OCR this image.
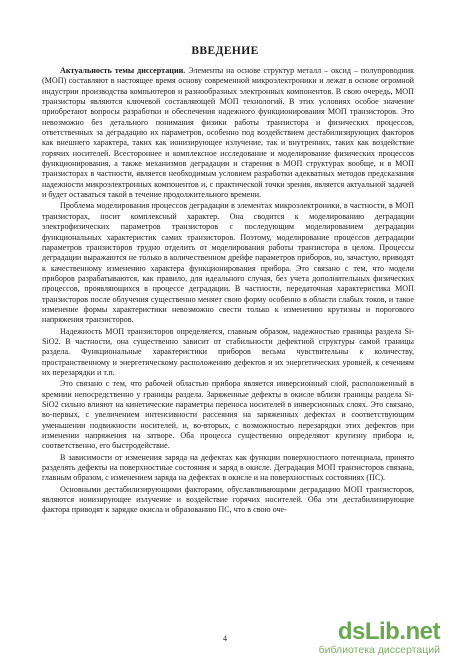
ВВЕДЕНИЕ

Актуальность темы диссертации. Элементы на основе структур металл – оксид – полупроводник (МОП) составляют в настоящее время основу современной микроэлектроники и лежат в основе огромной индустрии производства компьютеров и разнообразных электронных компонентов. В свою очередь, МОП транзисторы являются ключевой составляющей МОП технологий. В этих условиях особое значение приобретают вопросы разработки и обеспечения надежного функционирования МОП транзисторов. Это невозможно без детального понимания физики работы транзистора и физических процессов, ответственных за деградацию их параметров, особенно под воздействием дестабилизирующих факторов как внешнего характера, таких как ионизирующее излучение, так и внутренних, таких как воздействие горячих носителей. Всестороннее и комплексное исследование и моделирование физических процессов функционирования, а также механизмов деградации и старения в МОП структурах вообще, и в МОП транзисторах в частности, является необходимым условием разработки адекватных методов предсказания надежности микроэлектронных компонентов и, с практической точки зрения, является актуальной задачей и будет оставаться такой в течение продолжительного времени.

Проблема моделирования процессов деградации в элементах микроэлектроники, в частности, в МОП транзисторах, носит комплексный характер. Она сводится к моделированию деградации электрофизических параметров транзисторов с последующим моделированием деградации функциональных характеристик самих транзисторов. Поэтому, моделирование процессов деградации параметров транзисторов трудно отделить от моделирования работы транзистора в целом. Процессы деградации выражаются не только в количественном дрейфе параметров приборов, но, зачастую, приводят к качественному изменению характера функционирования прибора. Это связано с тем, что модели приборов разрабатываются, как правило, для идеального случая, без учета дополнительных физических процессов, проявляющихся в процессе деградации. В частности, передаточная характеристика МОП транзисторов после облучения существенно меняет свою форму особенно в области слабых токов, и такое изменение формы характеристики невозможно свести только к изменению крутизны и порогового напряжения транзисторов.

Надежность МОП транзисторов определяется, главным образом, надежностью границы раздела Si-SiO2. В частности, она существенно зависит от стабильности дефектной структуры самой границы раздела. Функциональные характеристики приборов весьма чувствительны к количеству, пространственному и энергетическому расположению дефектов и их энергетических уровней, к сечениям их перезарядки и т.п.

Это связано с тем, что рабочей областью прибора является инверсионный слой, расположенный в кремнии непосредственно у границы раздела. Заряженные дефекты в окисле вблизи границы раздела Si-SiO2 сильно влияют на кинетические параметры переноса носителей в инверсионных слоях. Это связано, во-первых, с увеличением интенсивности рассеяния на заряженных дефектах и соответствующим уменьшении подвижности носителей, и, во-вторых, с возможностью перезарядки этих дефектов при изменении напряжения на затворе. Оба процесса существенно определяют крутизну прибора и, соответственно, его быстродействие.

В зависимости от изменения заряда на дефектах как функции поверхностного потенциала, принято разделять дефекты на поверхностные состояния и заряд в окисле. Деградация МОП транзисторов связана, главным образом, с изменением заряда на дефектах в окисле и на поверхностных состояниях (ПС).

Основными дестабилизирующими факторами, обуславливающими деградацию МОП транзисторов, являются ионизирующее излучение и воздействие горячих носителей. Оба эти дестабилизирующие фактора приводят к зарядке окисла и образованию ПС, что в свою оче-

4	dsLib.net
библиотека диссертаций
